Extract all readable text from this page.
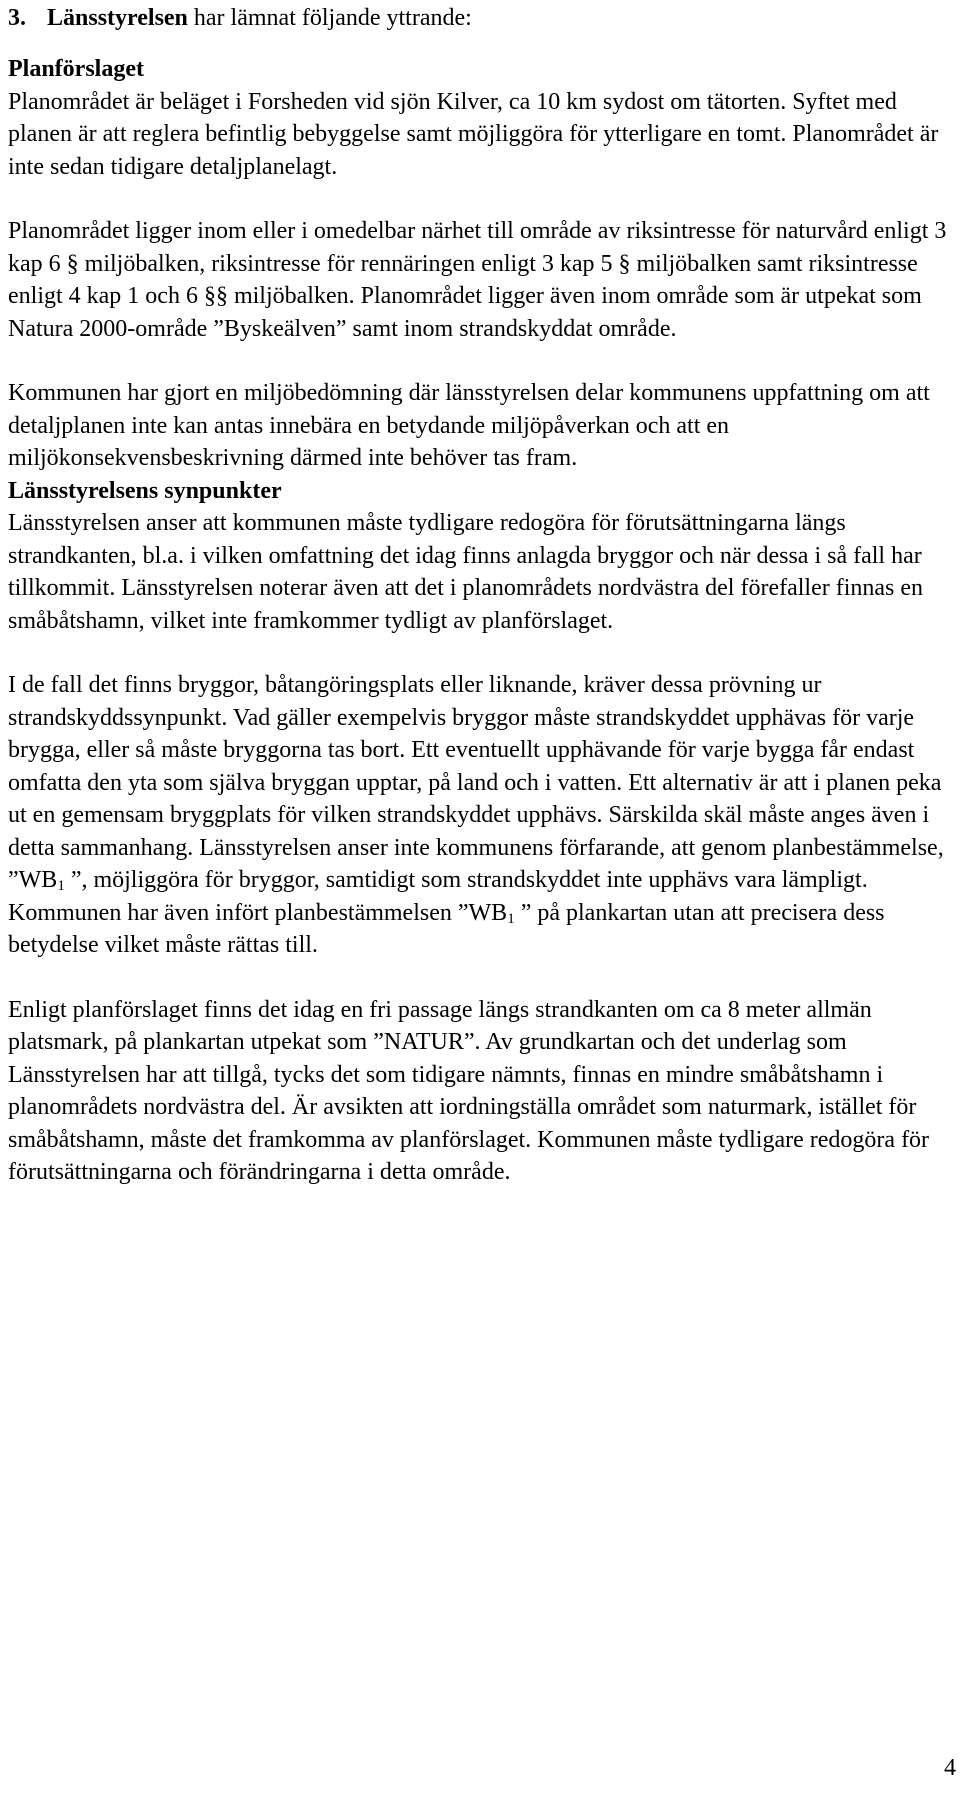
3. Länsstyrelsen har lämnat följande yttrande:

Planförslaget

Planområdet är beläget i Forsheden vid sjön Kilver, ca 10 km sydost om tätorten. Syftet med planen är att reglera befintlig bebyggelse samt möjliggöra för ytterligare en tomt. Planområdet är inte sedan tidigare detaljplanelagt.

Planområdet ligger inom eller i omedelbar närhet till område av riksintresse för naturvård enligt 3 kap 6 § miljöbalken, riksintresse för rennäringen enligt 3 kap 5 § miljöbalken samt riksintresse enligt 4 kap 1 och 6 §§ miljöbalken. Planområdet ligger även inom område som är utpekat som Natura 2000-område ”Byskeälven” samt inom strandskyddat område.

Kommunen har gjort en miljöbedömning där länsstyrelsen delar kommunens uppfattning om att detaljplanen inte kan antas innebära en betydande miljöpåverkan och att en miljökonsekvensbeskrivning därmed inte behöver tas fram.

Länsstyrelsens synpunkter

Länsstyrelsen anser att kommunen måste tydligare redogöra för förutsättningarna längs strandkanten, bl.a. i vilken omfattning det idag finns anlagda bryggor och när dessa i så fall har tillkommit. Länsstyrelsen noterar även att det i planområdets nordvästra del förefaller finnas en småbåtshamn, vilket inte framkommer tydligt av planförslaget.

I de fall det finns bryggor, båtangöringsplats eller liknande, kräver dessa prövning ur strandskyddssynpunkt. Vad gäller exempelvis bryggor måste strandskyddet upphävas för varje brygga, eller så måste bryggorna tas bort. Ett eventuellt upphävande för varje bygga får endast omfatta den yta som själva bryggan upptar, på land och i vatten. Ett alternativ är att i planen peka ut en gemensam bryggplats för vilken strandskyddet upphävs. Särskilda skäl måste anges även i detta sammanhang. Länsstyrelsen anser inte kommunens förfarande, att genom planbestämmelse, $”WB_1$ ”, möjliggöra för bryggor, samtidigt som strandskyddet inte upphävs vara lämpligt. Kommunen har även infört planbestämmelsen $”WB_1$ ” på plankartan utan att precisera dess betydelse vilket måste rättas till.

Enligt planförslaget finns det idag en fri passage längs strandkanten om ca 8 meter allmän platsmark, på plankartan utpekat som ”NATUR”. Av grundkartan och det underlag som Länsstyrelsen har att tillgå, tycks det som tidigare nämnts, finnas en mindre småbåtshamn i planområdets nordvästra del. Är avsikten att iordningställa området som naturmark, istället för småbåtshamn, måste det framkomma av planförslaget. Kommunen måste tydligare redogöra för förutsättningarna och förändringarna i detta område.

4
